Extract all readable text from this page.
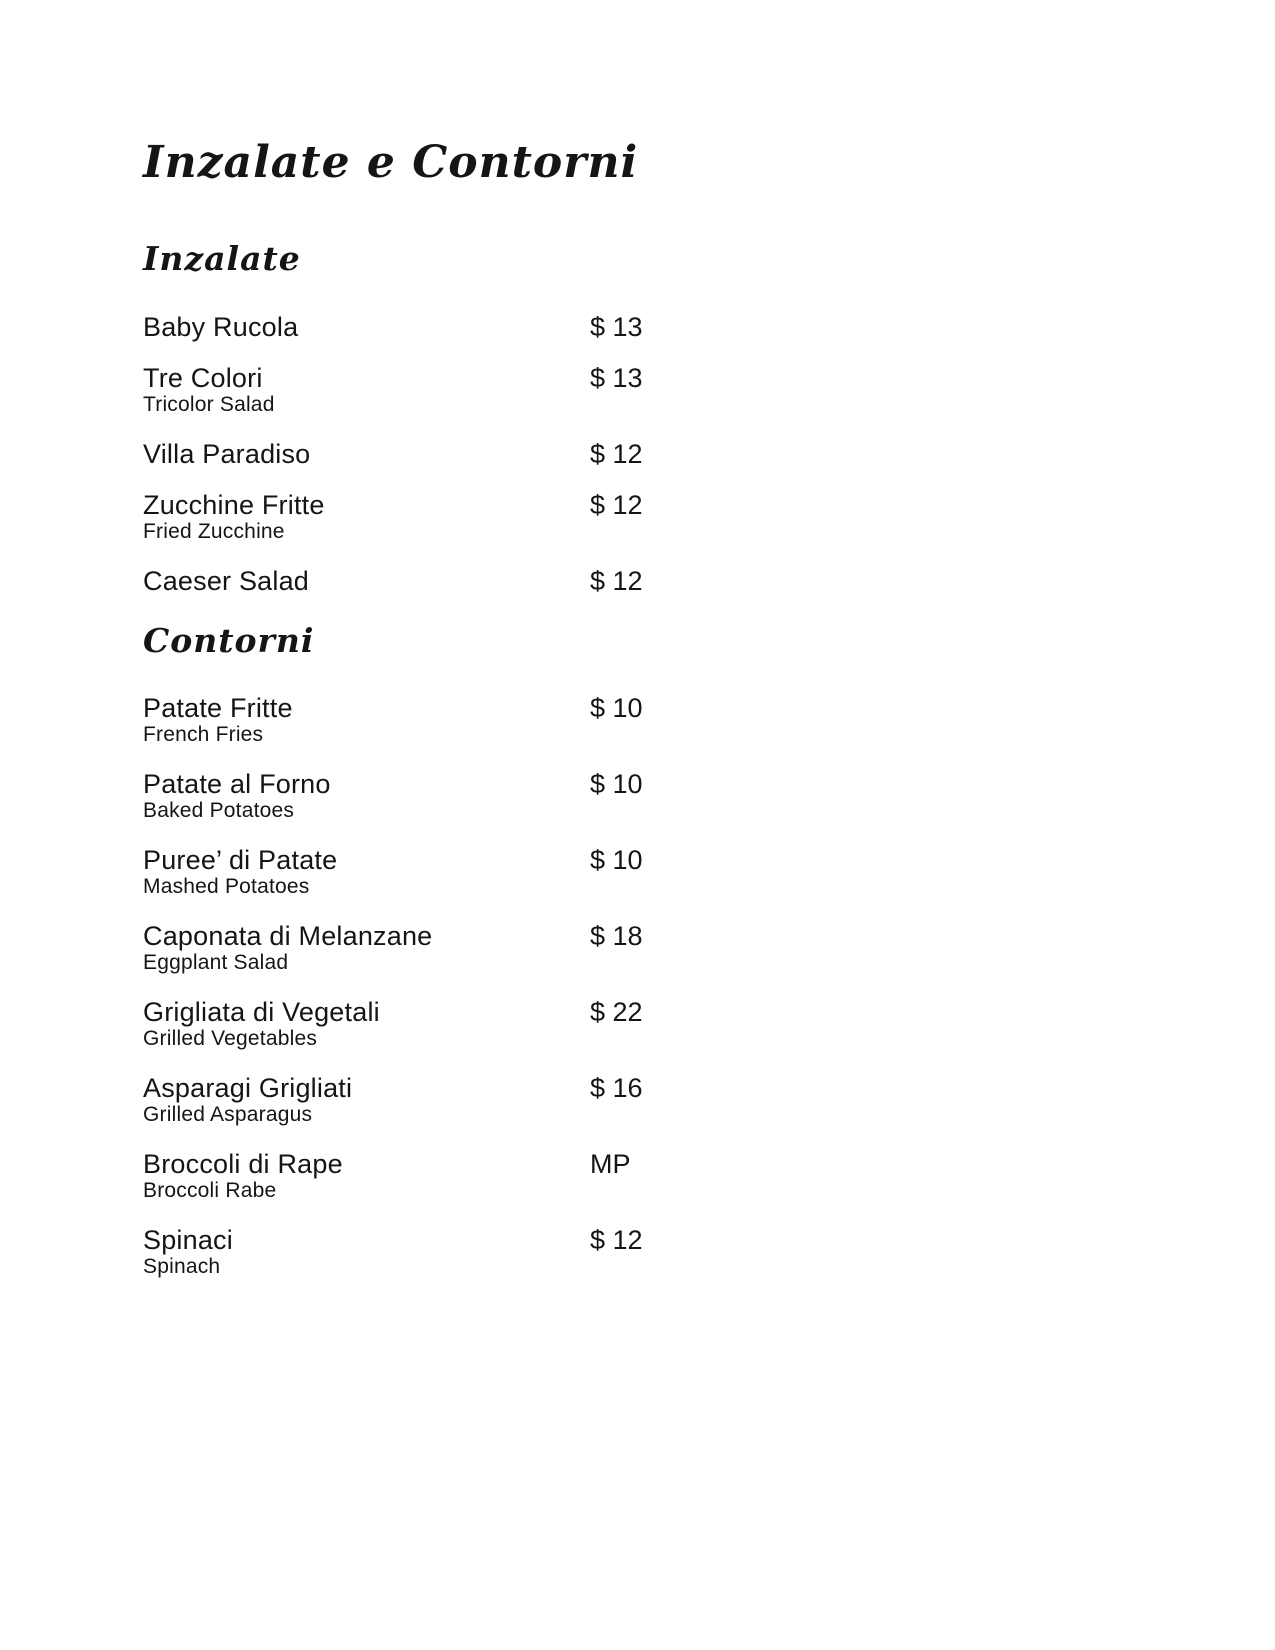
Inzalate e Contorni
Inzalate
Baby Rucola	$ 13
Tre Colori	$ 13
Tricolor Salad
Villa Paradiso	$ 12
Zucchine Fritte	$ 12
Fried Zucchine
Caeser Salad	$ 12
Contorni
Patate Fritte	$ 10
French Fries
Patate al Forno	$ 10
Baked Potatoes
Puree’ di Patate	$ 10
Mashed Potatoes
Caponata di Melanzane	$ 18
Eggplant Salad
Grigliata di Vegetali	$ 22
Grilled Vegetables
Asparagi Grigliati	$ 16
Grilled Asparagus
Broccoli di Rape	MP
Broccoli Rabe
Spinaci	$ 12
Spinach
